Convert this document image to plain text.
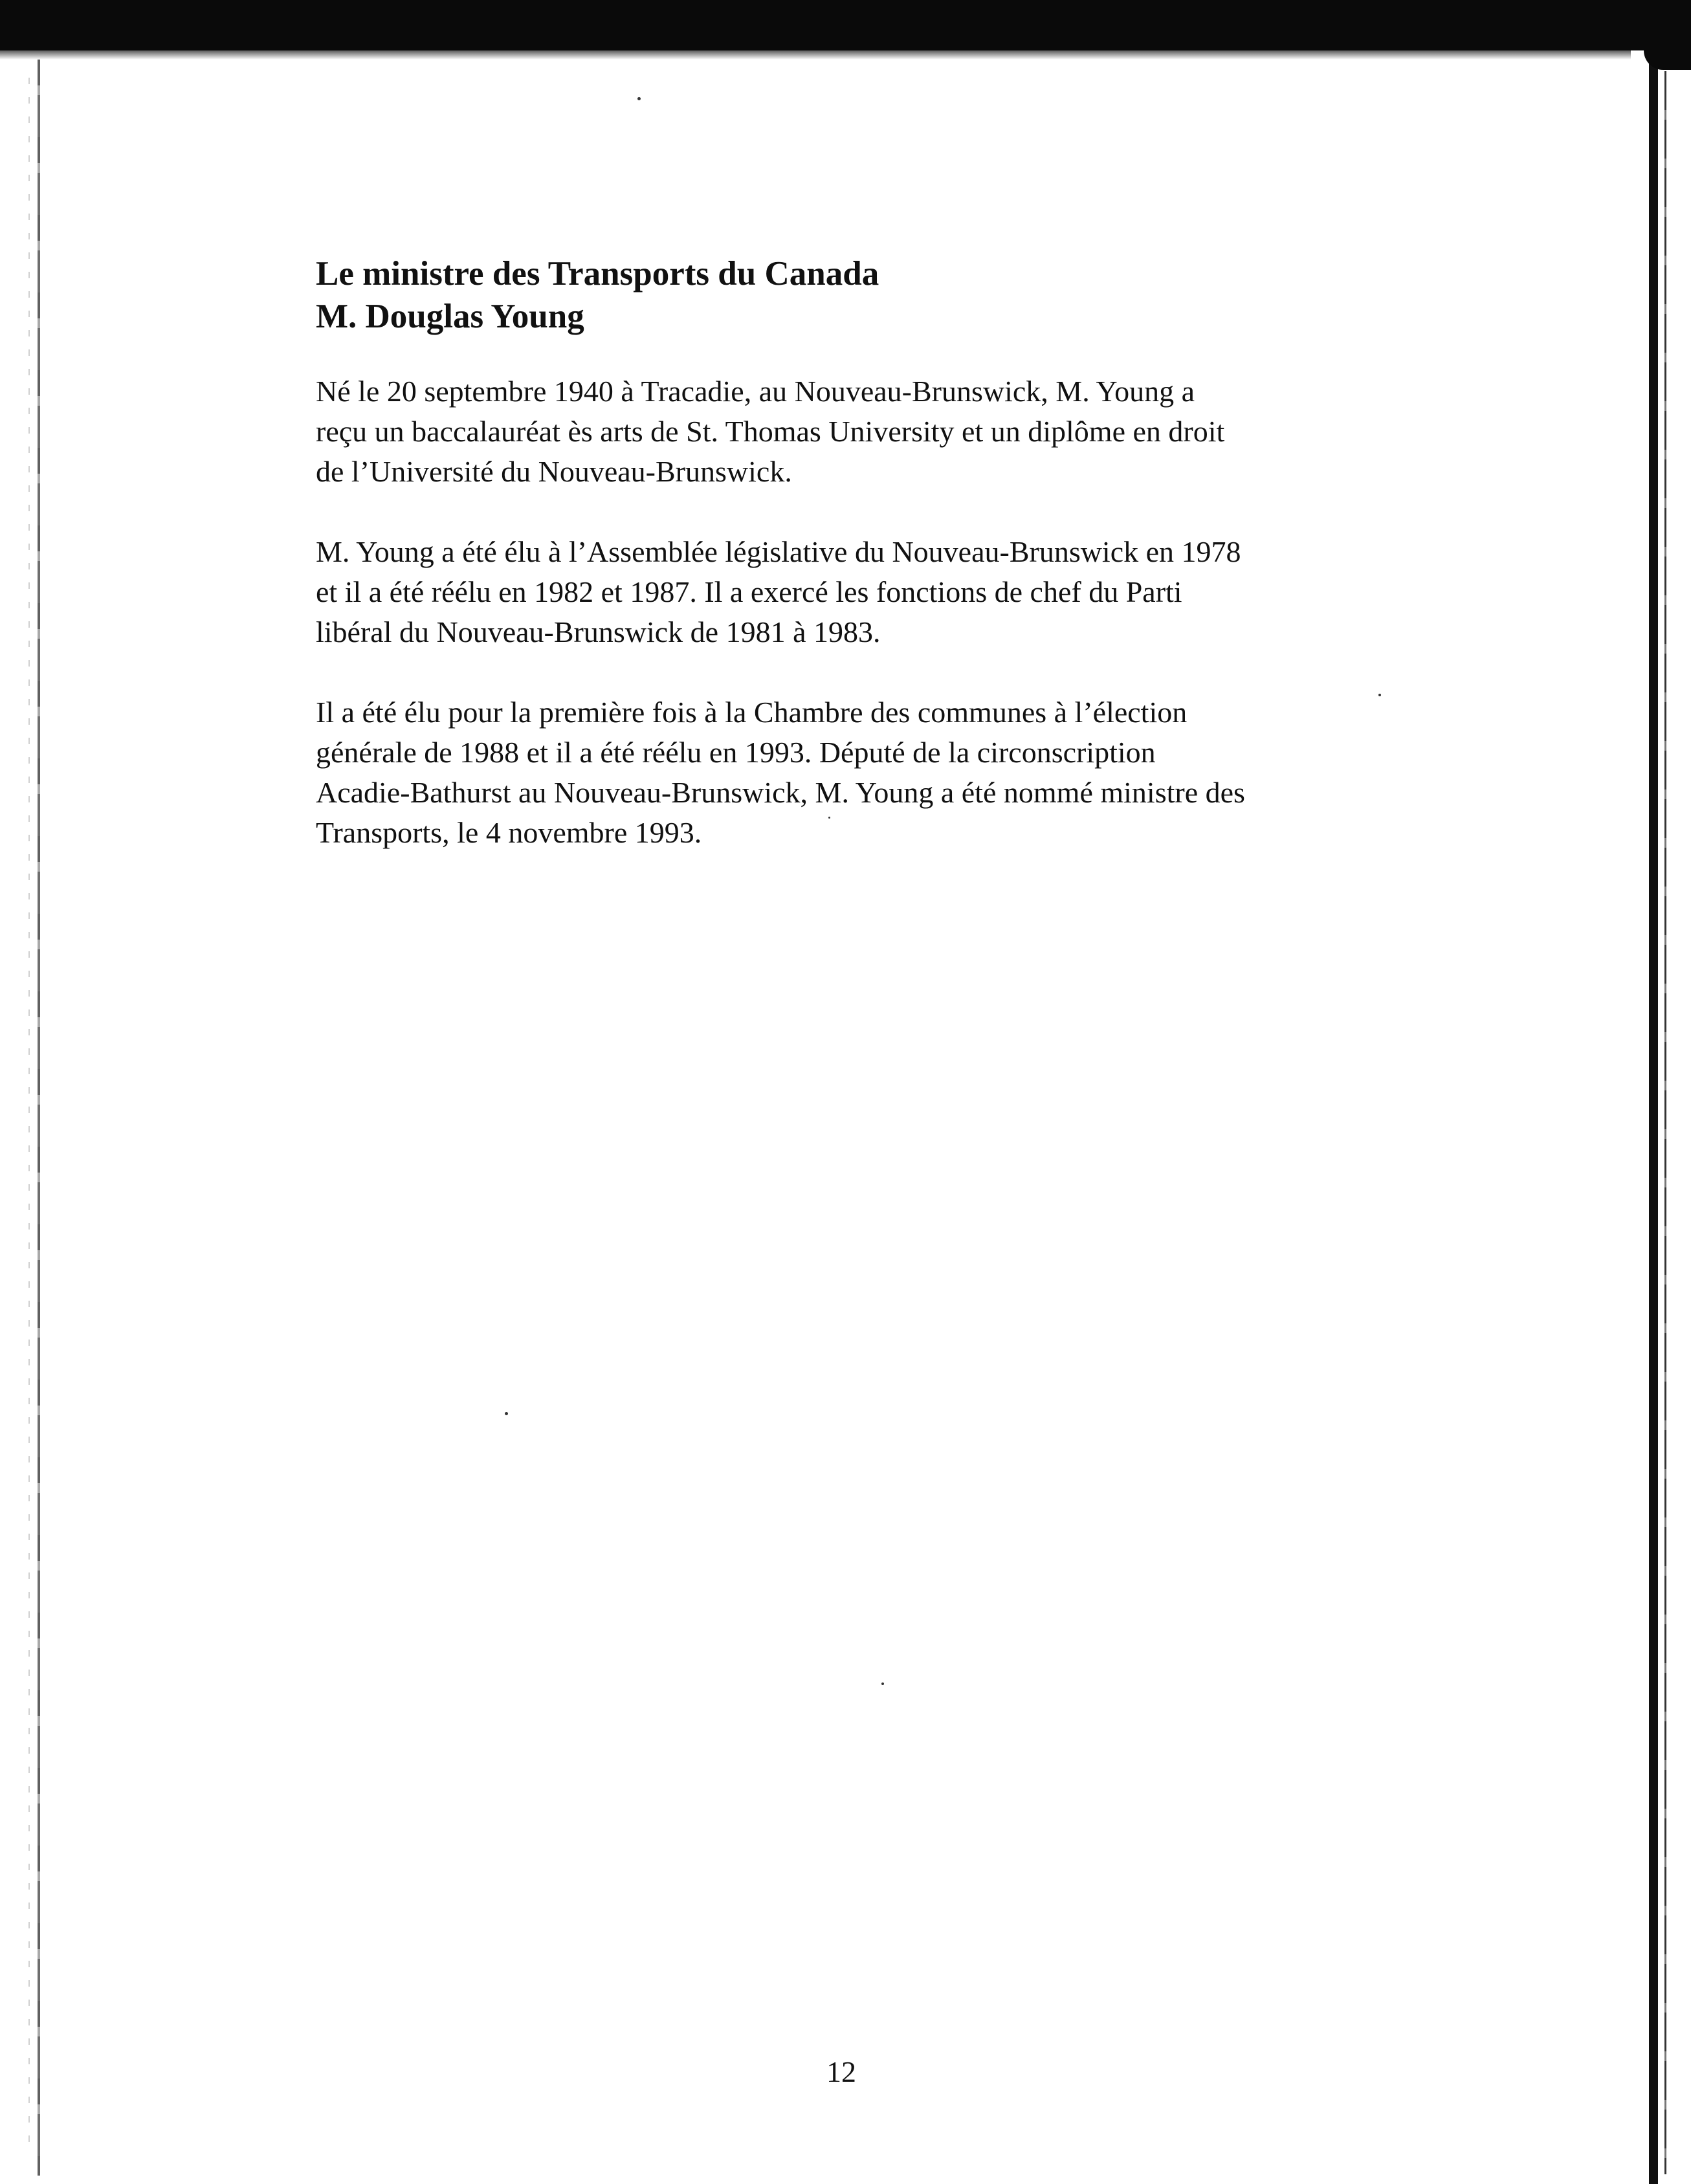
Le ministre des Transports du Canada
M. Douglas Young

Né le 20 septembre 1940 à Tracadie, au Nouveau-Brunswick, M. Young a
reçu un baccalauréat ès arts de St. Thomas University et un diplôme en droit
de l’Université du Nouveau-Brunswick.

M. Young a été élu à l’Assemblée législative du Nouveau-Brunswick en 1978
et il a été réélu en 1982 et 1987. Il a exercé les fonctions de chef du Parti
libéral du Nouveau-Brunswick de 1981 à 1983.

Il a été élu pour la première fois à la Chambre des communes à l’élection
générale de 1988 et il a été réélu en 1993. Député de la circonscription
Acadie-Bathurst au Nouveau-Brunswick, M. Young a été nommé ministre des
Transports, le 4 novembre 1993.

12
